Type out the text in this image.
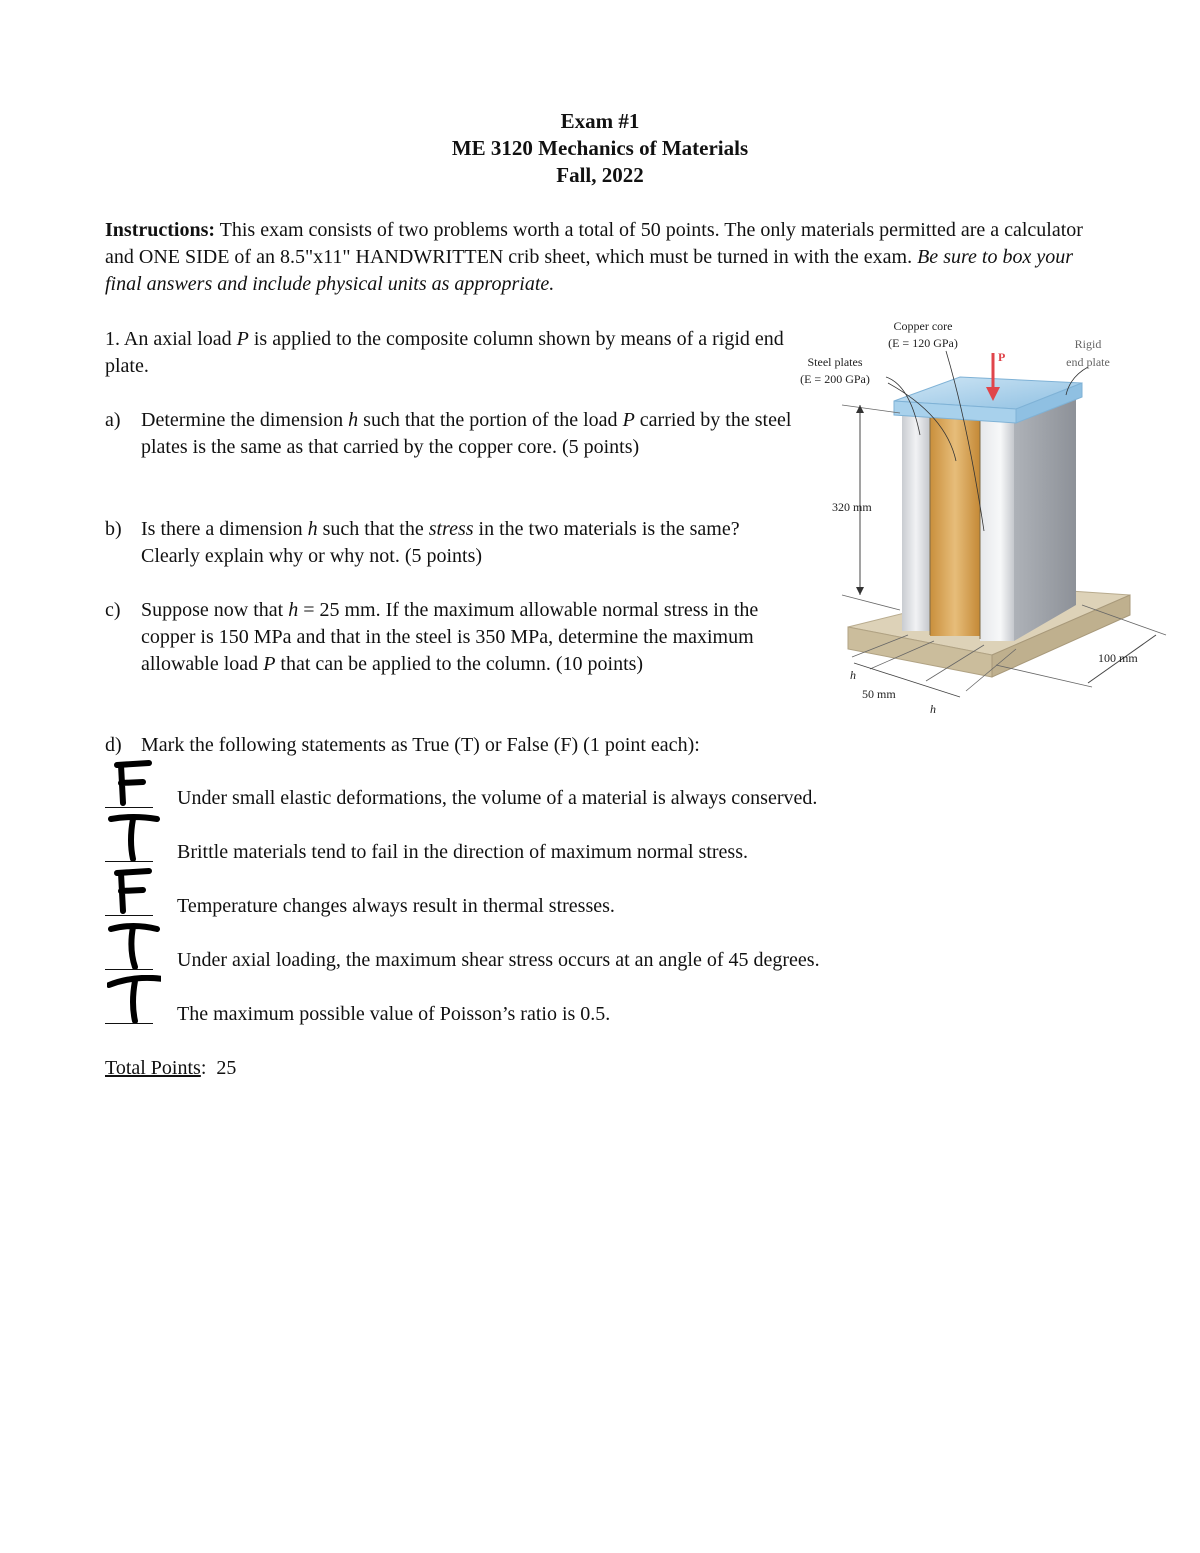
Exam #1
ME 3120 Mechanics of Materials
Fall, 2022
Instructions: This exam consists of two problems worth a total of 50 points. The only materials permitted are a calculator and ONE SIDE of an 8.5"x11" HANDWRITTEN crib sheet, which must be turned in with the exam. Be sure to box your final answers and include physical units as appropriate.
1. An axial load P is applied to the composite column shown by means of a rigid end plate.
a) Determine the dimension h such that the portion of the load P carried by the steel plates is the same as that carried by the copper core. (5 points)
b) Is there a dimension h such that the stress in the two materials is the same? Clearly explain why or why not. (5 points)
c) Suppose now that h = 25 mm. If the maximum allowable normal stress in the copper is 150 MPa and that in the steel is 350 MPa, determine the maximum allowable load P that can be applied to the column. (10 points)
d) Mark the following statements as True (T) or False (F) (1 point each):
Under small elastic deformations, the volume of a material is always conserved.
Brittle materials tend to fail in the direction of maximum normal stress.
Temperature changes always result in thermal stresses.
Under axial loading, the maximum shear stress occurs at an angle of 45 degrees.
The maximum possible value of Poisson’s ratio is 0.5.
Total Points:  25
P
320 mm
100 mm
h
50 mm
h
Copper core
(E = 120 GPa)
Steel plates
(E = 200 GPa)
Rigid
end plate
